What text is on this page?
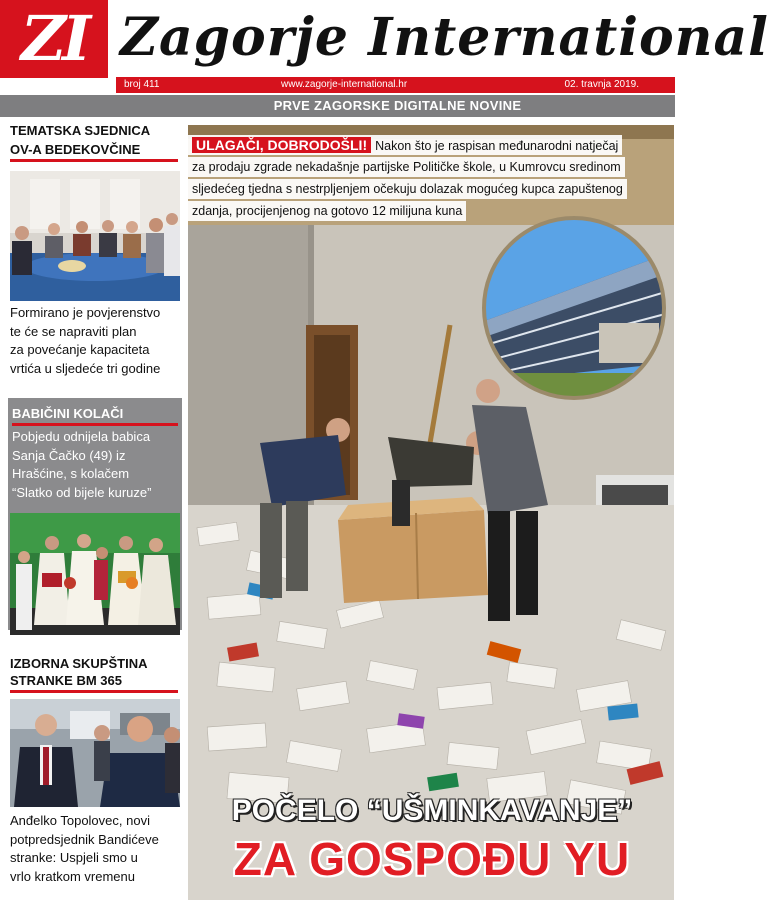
ZI Zagorje International
broj 411	www.zagorje-international.hr	02. travnja 2019.
PRVE ZAGORSKE DIGITALNE NOVINE
TEMATSKA SJEDNICA
OV-A BEDEKOVČINE
Formirano je povjerenstvo
te će se napraviti plan
za povećanje kapaciteta
vrtića u sljedeće tri godine
BABIČINI KOLAČI
Pobjedu odnijela babica
Sanja Čačko (49) iz
Hrašćine, s kolačem
“Slatko od bijele kuruze”
IZBORNA SKUPŠTINA
STRANKE BM 365
Anđelko Topolovec, novi
potpredsjednik Bandićeve
stranke: Uspjeli smo u
vrlo kratkom vremenu
ULAGAČI, DOBRODOŠLI! Nakon što je raspisan međunarodni natječaj
za prodaju zgrade nekadašnje partijske Političke škole, u Kumrovcu sredinom
sljedećeg tjedna s nestrpljenjem očekuju dolazak mogućeg kupca zapuštenog
zdanja, procijenjenog na gotovo 12 milijuna kuna
POČELO “UŠMINKAVANJE”
ZA GOSPOĐU YU
